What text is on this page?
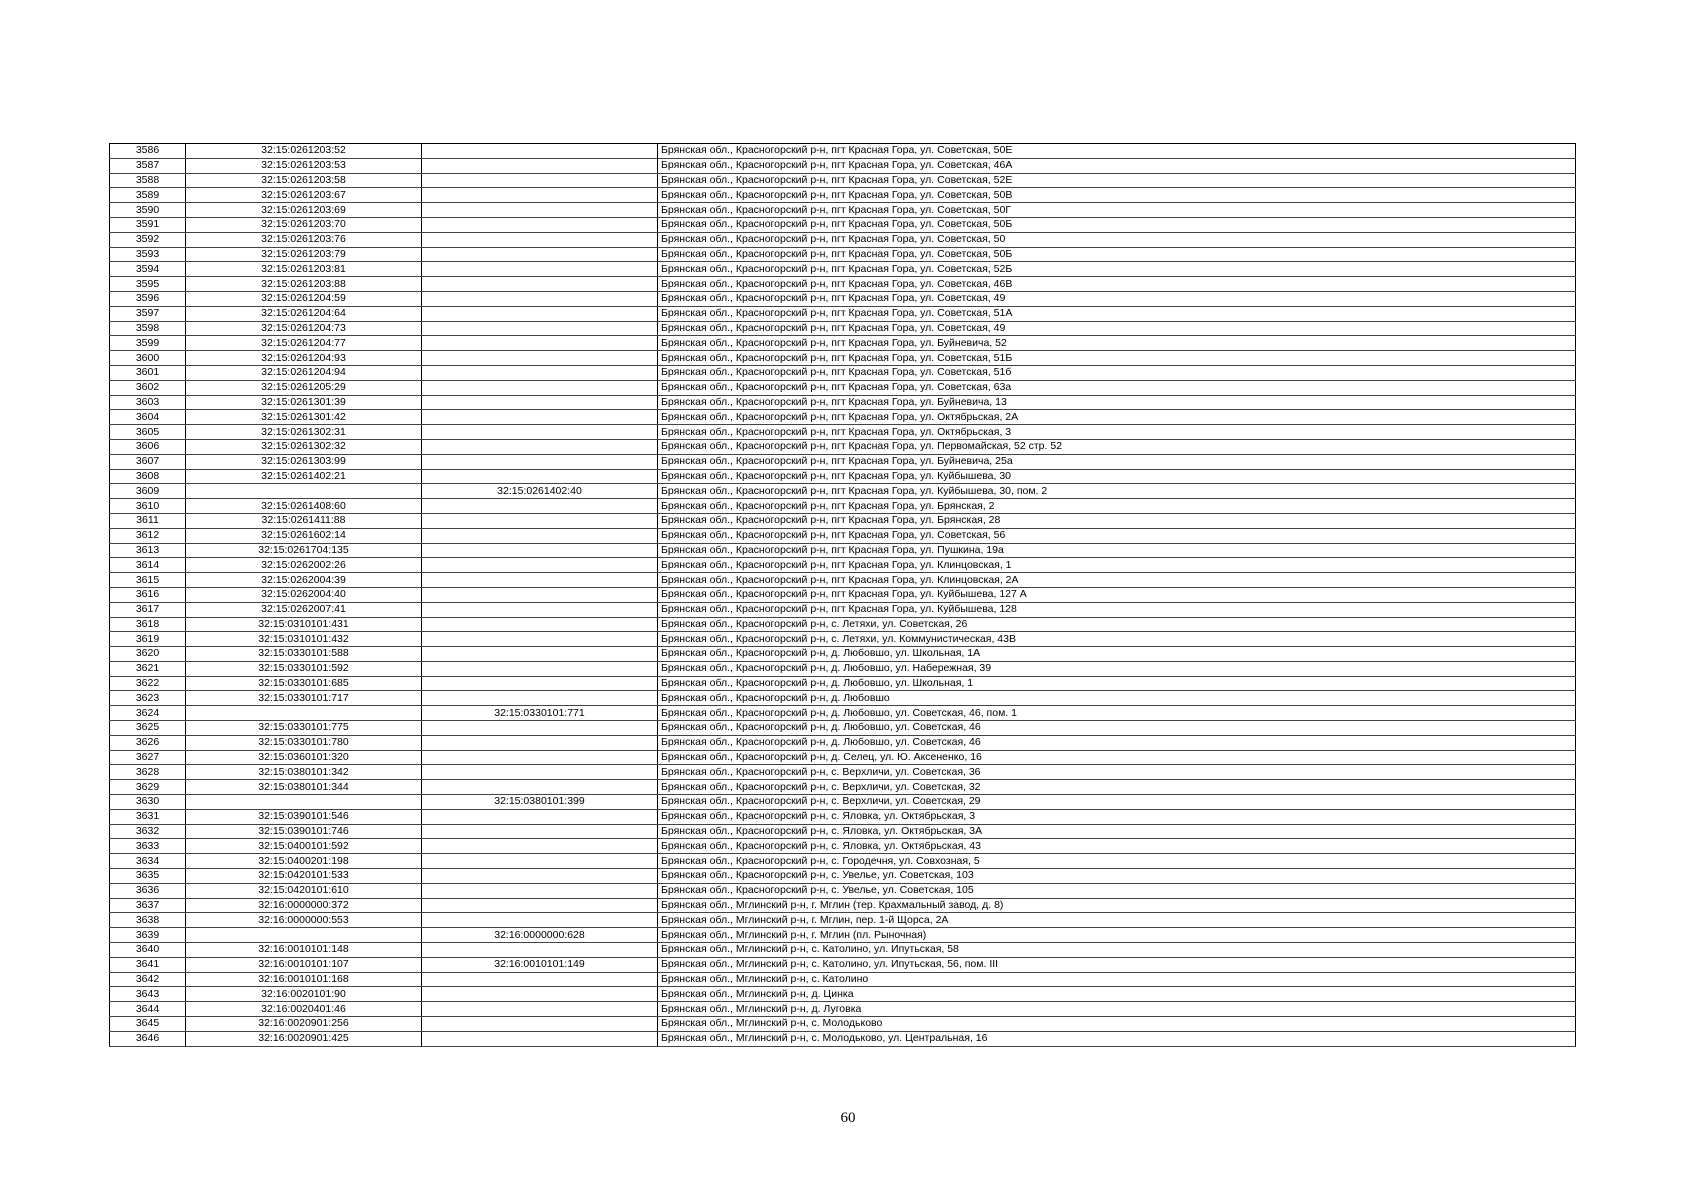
3586	32:15:0261203:52		Брянская обл., Красногорский р-н, пгт Красная Гора, ул. Советская, 50Е
3587	32:15:0261203:53		Брянская обл., Красногорский р-н, пгт Красная Гора, ул. Советская, 46А
3588	32:15:0261203:58		Брянская обл., Красногорский р-н, пгт Красная Гора, ул. Советская, 52Е
3589	32:15:0261203:67		Брянская обл., Красногорский р-н, пгт Красная Гора, ул. Советская, 50В
3590	32:15:0261203:69		Брянская обл., Красногорский р-н, пгт Красная Гора, ул. Советская, 50Г
3591	32:15:0261203:70		Брянская обл., Красногорский р-н, пгт Красная Гора, ул. Советская, 50Б
3592	32:15:0261203:76		Брянская обл., Красногорский р-н, пгт Красная Гора, ул. Советская, 50
3593	32:15:0261203:79		Брянская обл., Красногорский р-н, пгт Красная Гора, ул. Советская, 50Б
3594	32:15:0261203:81		Брянская обл., Красногорский р-н, пгт Красная Гора, ул. Советская, 52Б
3595	32:15:0261203:88		Брянская обл., Красногорский р-н, пгт Красная Гора, ул. Советская, 46В
3596	32:15:0261204:59		Брянская обл., Красногорский р-н, пгт Красная Гора, ул. Советская, 49
3597	32:15:0261204:64		Брянская обл., Красногорский р-н, пгт Красная Гора, ул. Советская, 51А
3598	32:15:0261204:73		Брянская обл., Красногорский р-н, пгт Красная Гора, ул. Советская, 49
3599	32:15:0261204:77		Брянская обл., Красногорский р-н, пгт Красная Гора, ул. Буйневича, 52
3600	32:15:0261204:93		Брянская обл., Красногорский р-н, пгт Красная Гора, ул. Советская, 51Б
3601	32:15:0261204:94		Брянская обл., Красногорский р-н, пгт Красная Гора, ул. Советская, 51б
3602	32:15:0261205:29		Брянская обл., Красногорский р-н, пгт Красная Гора, ул. Советская, 63а
3603	32:15:0261301:39		Брянская обл., Красногорский р-н, пгт Красная Гора, ул. Буйневича, 13
3604	32:15:0261301:42		Брянская обл., Красногорский р-н, пгт Красная Гора, ул. Октябрьская, 2А
3605	32:15:0261302:31		Брянская обл., Красногорский р-н, пгт Красная Гора, ул. Октябрьская, 3
3606	32:15:0261302:32		Брянская обл., Красногорский р-н, пгт Красная Гора, ул. Первомайская, 52 стр. 52
3607	32:15:0261303:99		Брянская обл., Красногорский р-н, пгт Красная Гора, ул. Буйневича, 25а
3608	32:15:0261402:21		Брянская обл., Красногорский р-н, пгт Красная Гора, ул. Куйбышева, 30
3609		32:15:0261402:40	Брянская обл., Красногорский р-н, пгт Красная Гора, ул. Куйбышева, 30, пом. 2
3610	32:15:0261408:60		Брянская обл., Красногорский р-н, пгт Красная Гора, ул. Брянская, 2
3611	32:15:0261411:88		Брянская обл., Красногорский р-н, пгт Красная Гора, ул. Брянская, 28
3612	32:15:0261602:14		Брянская обл., Красногорский р-н, пгт Красная Гора, ул. Советская, 56
3613	32:15:0261704:135		Брянская обл., Красногорский р-н, пгт Красная Гора, ул. Пушкина, 19а
3614	32:15:0262002:26		Брянская обл., Красногорский р-н, пгт Красная Гора, ул. Клинцовская, 1
3615	32:15:0262004:39		Брянская обл., Красногорский р-н, пгт Красная Гора, ул. Клинцовская, 2А
3616	32:15:0262004:40		Брянская обл., Красногорский р-н, пгт Красная Гора, ул. Куйбышева, 127 А
3617	32:15:0262007:41		Брянская обл., Красногорский р-н, пгт Красная Гора, ул. Куйбышева, 128
3618	32:15:0310101:431		Брянская обл., Красногорский р-н, с. Летяхи, ул. Советская, 26
3619	32:15:0310101:432		Брянская обл., Красногорский р-н, с. Летяхи, ул. Коммунистическая, 43В
3620	32:15:0330101:588		Брянская обл., Красногорский р-н, д. Любовшо, ул. Школьная, 1А
3621	32:15:0330101:592		Брянская обл., Красногорский р-н, д. Любовшо, ул. Набережная, 39
3622	32:15:0330101:685		Брянская обл., Красногорский р-н, д. Любовшо, ул. Школьная, 1
3623	32:15:0330101:717		Брянская обл., Красногорский р-н, д. Любовшо
3624		32:15:0330101:771	Брянская обл., Красногорский р-н, д. Любовшо, ул. Советская, 46, пом. 1
3625	32:15:0330101:775		Брянская обл., Красногорский р-н, д. Любовшо, ул. Советская, 46
3626	32:15:0330101:780		Брянская обл., Красногорский р-н, д. Любовшо, ул. Советская, 46
3627	32:15:0360101:320		Брянская обл., Красногорский р-н, д. Селец, ул. Ю. Аксененко, 16
3628	32:15:0380101:342		Брянская обл., Красногорский р-н, с. Верхличи, ул. Советская, 36
3629	32:15:0380101:344		Брянская обл., Красногорский р-н, с. Верхличи, ул. Советская, 32
3630		32:15:0380101:399	Брянская обл., Красногорский р-н, с. Верхличи, ул. Советская, 29
3631	32:15:0390101:546		Брянская обл., Красногорский р-н, с. Яловка, ул. Октябрьская, 3
3632	32:15:0390101:746		Брянская обл., Красногорский р-н, с. Яловка, ул. Октябрьская, 3А
3633	32:15:0400101:592		Брянская обл., Красногорский р-н, с. Яловка, ул. Октябрьская, 43
3634	32:15:0400201:198		Брянская обл., Красногорский р-н, с. Городечня, ул. Совхозная, 5
3635	32:15:0420101:533		Брянская обл., Красногорский р-н, с. Увелье, ул. Советская, 103
3636	32:15:0420101:610		Брянская обл., Красногорский р-н, с. Увелье, ул. Советская, 105
3637	32:16:0000000:372		Брянская обл., Мглинский р-н, г. Мглин (тер. Крахмальный завод, д. 8)
3638	32:16:0000000:553		Брянская обл., Мглинский р-н, г. Мглин, пер. 1-й Щорса, 2А
3639		32:16:0000000:628	Брянская обл., Мглинский р-н, г. Мглин (пл. Рыночная)
3640	32:16:0010101:148		Брянская обл., Мглинский р-н, с. Католино, ул. Ипутьская, 58
3641	32:16:0010101:107	32:16:0010101:149	Брянская обл., Мглинский р-н, с. Католино, ул. Ипутьская, 56, пом. III
3642	32:16:0010101:168		Брянская обл., Мглинский р-н, с. Католино
3643	32:16:0020101:90		Брянская обл., Мглинский р-н, д. Цинка
3644	32:16:0020401:46		Брянская обл., Мглинский р-н, д. Луговка
3645	32:16:0020901:256		Брянская обл., Мглинский р-н, с. Молодьково
3646	32:16:0020901:425		Брянская обл., Мглинский р-н, с. Молодьково, ул. Центральная, 16
60
